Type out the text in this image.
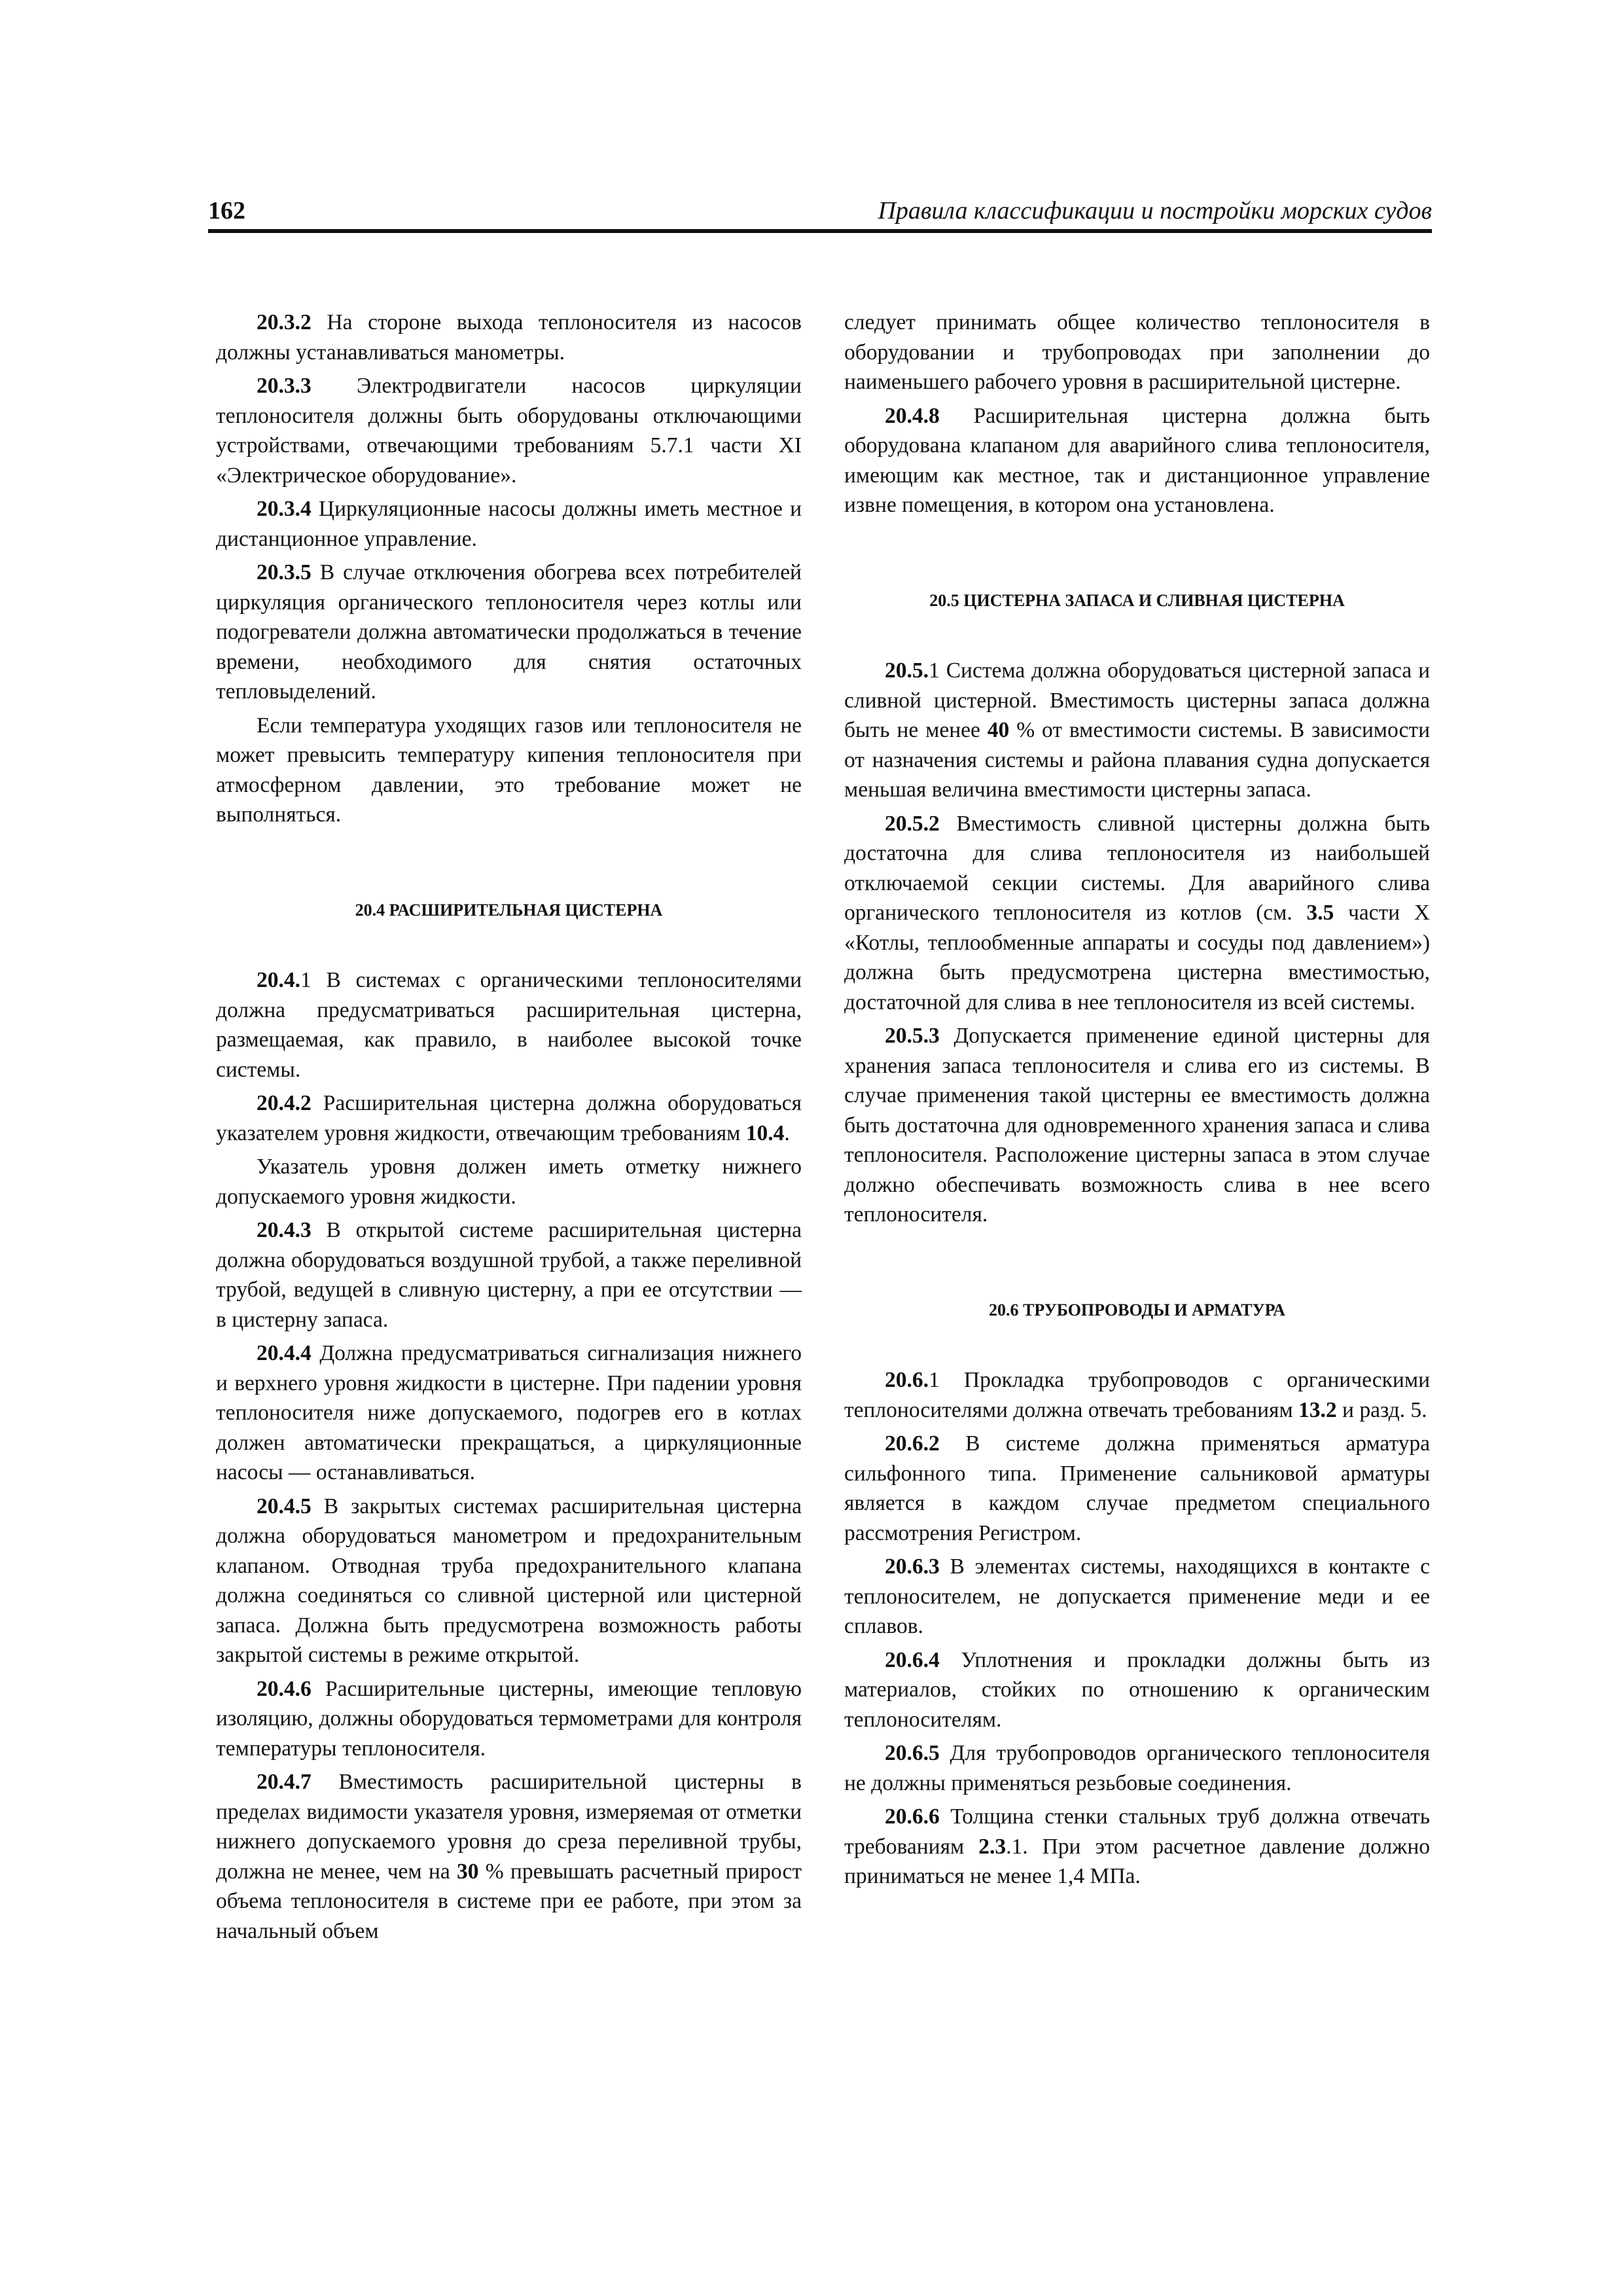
162	Правила классификации и постройки морских судов

20.3.2 На стороне выхода теплоносителя из насосов должны устанавливаться манометры.

20.3.3 Электродвигатели насосов циркуляции теплоносителя должны быть оборудованы отключающими устройствами, отвечающими требованиям 5.7.1 части XI «Электрическое оборудование».

20.3.4 Циркуляционные насосы должны иметь местное и дистанционное управление.

20.3.5 В случае отключения обогрева всех потребителей циркуляция органического теплоносителя через котлы или подогреватели должна автоматически продолжаться в течение времени, необходимого для снятия остаточных тепловыделений.

Если температура уходящих газов или теплоносителя не может превысить температуру кипения теплоносителя при атмосферном давлении, это требование может не выполняться.

20.4 РАСШИРИТЕЛЬНАЯ ЦИСТЕРНА

20.4.1 В системах с органическими теплоносителями должна предусматриваться расширительная цистерна, размещаемая, как правило, в наиболее высокой точке системы.

20.4.2 Расширительная цистерна должна оборудоваться указателем уровня жидкости, отвечающим требованиям 10.4.

Указатель уровня должен иметь отметку нижнего допускаемого уровня жидкости.

20.4.3 В открытой системе расширительная цистерна должна оборудоваться воздушной трубой, а также переливной трубой, ведущей в сливную цистерну, а при ее отсутствии — в цистерну запаса.

20.4.4 Должна предусматриваться сигнализация нижнего и верхнего уровня жидкости в цистерне. При падении уровня теплоносителя ниже допускаемого, подогрев его в котлах должен автоматически прекращаться, а циркуляционные насосы — останавливаться.

20.4.5 В закрытых системах расширительная цистерна должна оборудоваться манометром и предохранительным клапаном. Отводная труба предохранительного клапана должна соединяться со сливной цистерной или цистерной запаса. Должна быть предусмотрена возможность работы закрытой системы в режиме открытой.

20.4.6 Расширительные цистерны, имеющие тепловую изоляцию, должны оборудоваться термометрами для контроля температуры теплоносителя.

20.4.7 Вместимость расширительной цистерны в пределах видимости указателя уровня, измеряемая от отметки нижнего допускаемого уровня до среза переливной трубы, должна не менее, чем на 30 % превышать расчетный прирост объема теплоносителя в системе при ее работе, при этом за начальный объем

следует принимать общее количество теплоносителя в оборудовании и трубопроводах при заполнении до наименьшего рабочего уровня в расширительной цистерне.

20.4.8 Расширительная цистерна должна быть оборудована клапаном для аварийного слива теплоносителя, имеющим как местное, так и дистанционное управление извне помещения, в котором она установлена.

20.5 ЦИСТЕРНА ЗАПАСА И СЛИВНАЯ ЦИСТЕРНА

20.5.1 Система должна оборудоваться цистерной запаса и сливной цистерной. Вместимость цистерны запаса должна быть не менее 40 % от вместимости системы. В зависимости от назначения системы и района плавания судна допускается меньшая величина вместимости цистерны запаса.

20.5.2 Вместимость сливной цистерны должна быть достаточна для слива теплоносителя из наибольшей отключаемой секции системы. Для аварийного слива органического теплоносителя из котлов (см. 3.5 части X «Котлы, теплообменные аппараты и сосуды под давлением») должна быть предусмотрена цистерна вместимостью, достаточной для слива в нее теплоносителя из всей системы.

20.5.3 Допускается применение единой цистерны для хранения запаса теплоносителя и слива его из системы. В случае применения такой цистерны ее вместимость должна быть достаточна для одновременного хранения запаса и слива теплоносителя. Расположение цистерны запаса в этом случае должно обеспечивать возможность слива в нее всего теплоносителя.

20.6 ТРУБОПРОВОДЫ И АРМАТУРА

20.6.1 Прокладка трубопроводов с органическими теплоносителями должна отвечать требованиям 13.2 и разд. 5.

20.6.2 В системе должна применяться арматура сильфонного типа. Применение сальниковой арматуры является в каждом случае предметом специального рассмотрения Регистром.

20.6.3 В элементах системы, находящихся в контакте с теплоносителем, не допускается применение меди и ее сплавов.

20.6.4 Уплотнения и прокладки должны быть из материалов, стойких по отношению к органическим теплоносителям.

20.6.5 Для трубопроводов органического теплоносителя не должны применяться резьбовые соединения.

20.6.6 Толщина стенки стальных труб должна отвечать требованиям 2.3.1. При этом расчетное давление должно приниматься не менее 1,4 МПа.
